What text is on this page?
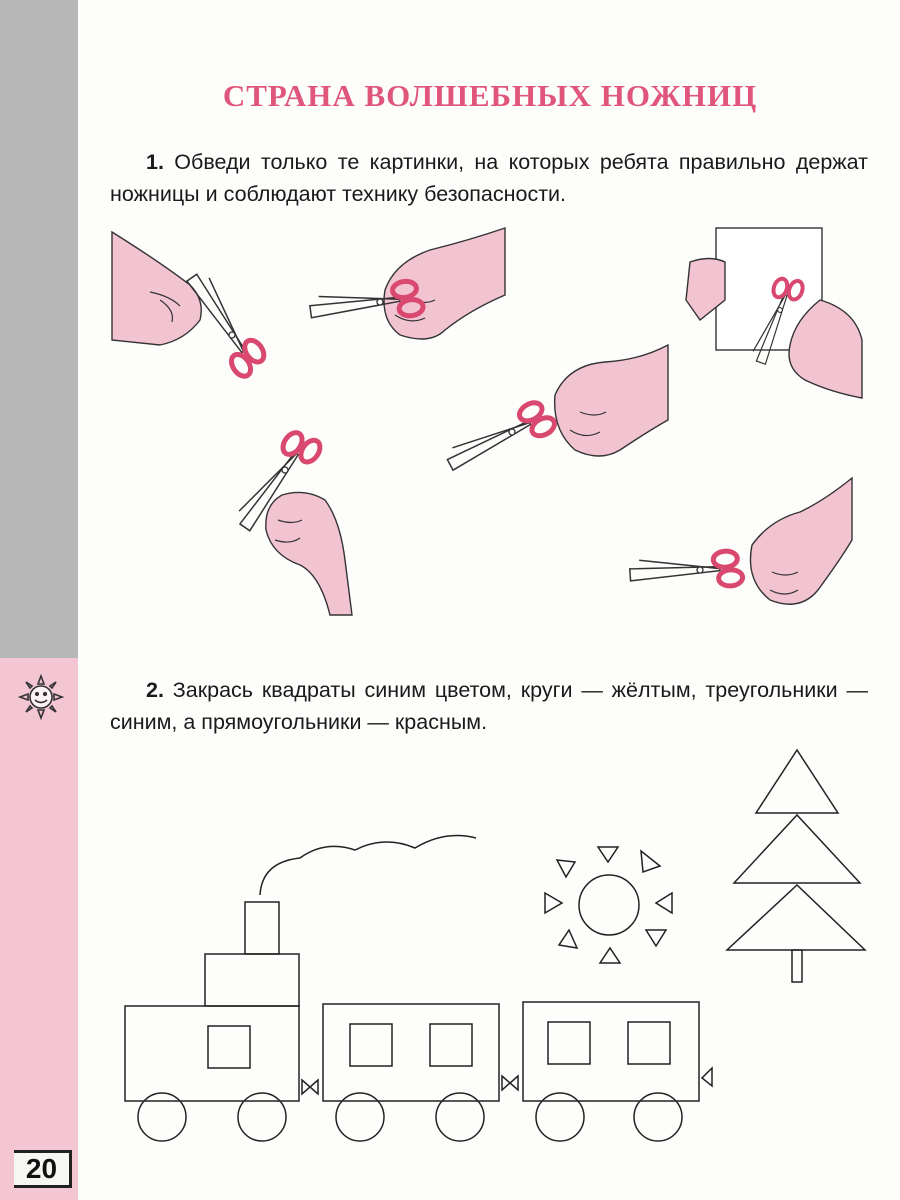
20
СТРАНА ВОЛШЕБНЫХ НОЖНИЦ
1. Обведи только те картинки, на которых ребята правильно держат ножницы и соблюдают технику безопасности.
2. Закрась квадраты синим цветом, круги — жёлтым, треугольники — синим, а прямоугольники — красным.
